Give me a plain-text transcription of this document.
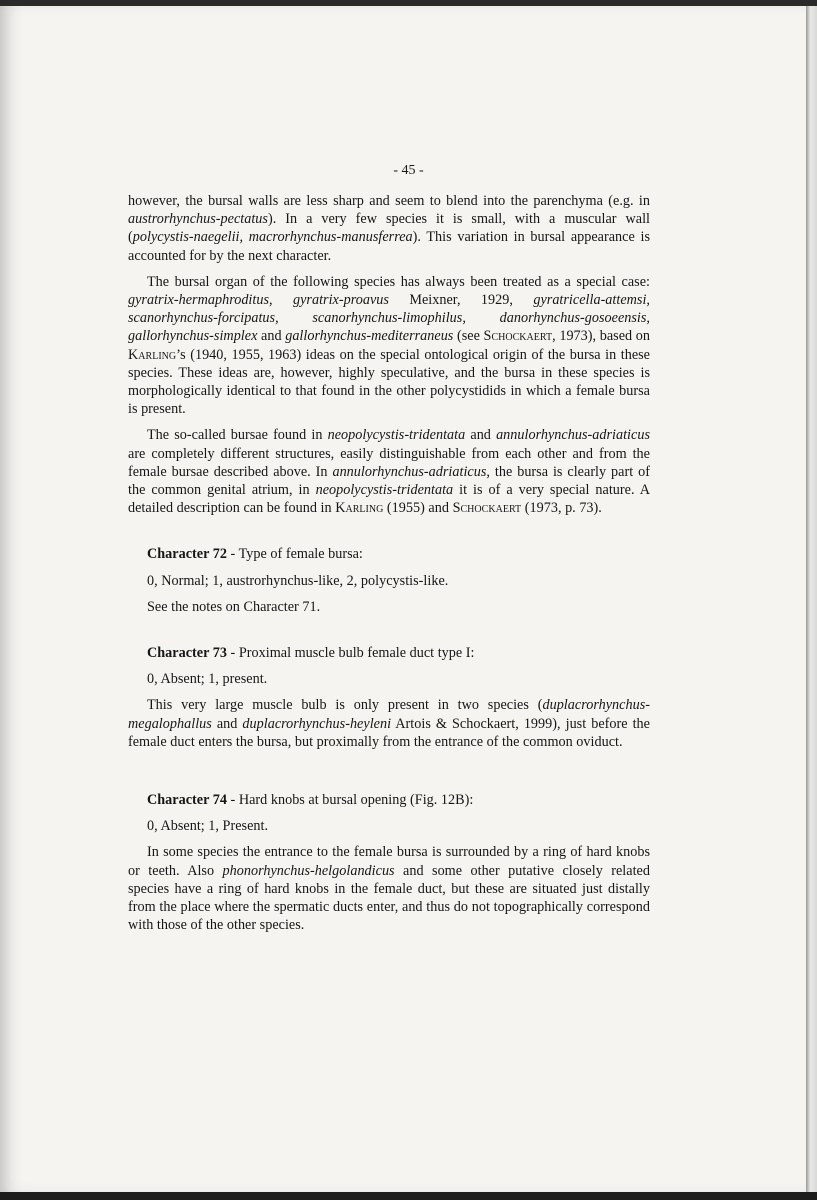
- 45 -

however, the bursal walls are less sharp and seem to blend into the parenchyma (e.g. in austrorhynchus-pectatus). In a very few species it is small, with a muscular wall (polycystis-naegelii, macrorhynchus-manusferrea). This variation in bursal appearance is accounted for by the next character.

The bursal organ of the following species has always been treated as a special case: gyratrix-hermaphroditus, gyratrix-proavus Meixner, 1929, gyratricella-attemsi, scanorhynchus-forcipatus, scanorhynchus-limophilus, danorhynchus-gosoeensis, gallorhynchus-simplex and gallorhynchus-mediterraneus (see Schockaert, 1973), based on Karling’s (1940, 1955, 1963) ideas on the special ontological origin of the bursa in these species. These ideas are, however, highly speculative, and the bursa in these species is morphologically identical to that found in the other polycystidids in which a female bursa is present.

The so-called bursae found in neopolycystis-tridentata and annulorhynchus-adriaticus are completely different structures, easily distinguishable from each other and from the female bursae described above. In annulorhynchus-adriaticus, the bursa is clearly part of the common genital atrium, in neopolycystis-tridentata it is of a very special nature. A detailed description can be found in Karling (1955) and Schockaert (1973, p. 73).

Character 72 - Type of female bursa:

0, Normal; 1, austrorhynchus-like, 2, polycystis-like.

See the notes on Character 71.

Character 73 - Proximal muscle bulb female duct type I:

0, Absent; 1, present.

This very large muscle bulb is only present in two species (duplacrorhynchus-megalophallus and duplacrorhynchus-heyleni Artois & Schockaert, 1999), just before the female duct enters the bursa, but proximally from the entrance of the common oviduct.

Character 74 - Hard knobs at bursal opening (Fig. 12B):

0, Absent; 1, Present.

In some species the entrance to the female bursa is surrounded by a ring of hard knobs or teeth. Also phonorhynchus-helgolandicus and some other putative closely related species have a ring of hard knobs in the female duct, but these are situated just distally from the place where the spermatic ducts enter, and thus do not topographically correspond with those of the other species.
